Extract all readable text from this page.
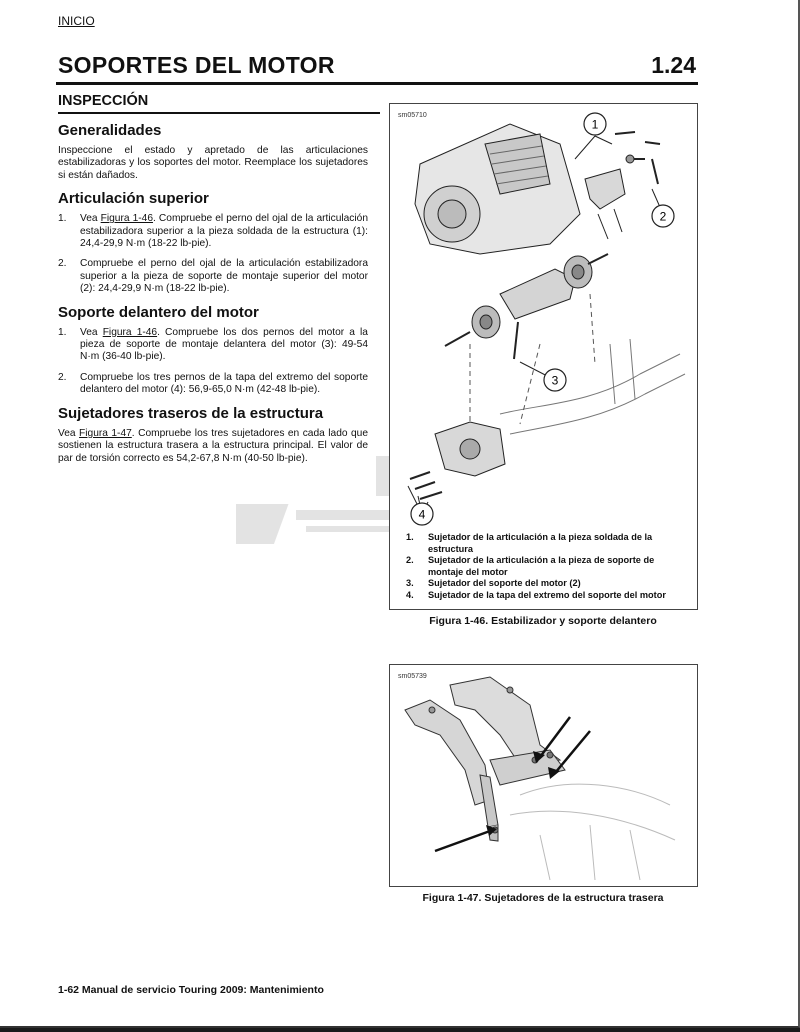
INICIO
SOPORTES DEL MOTOR	1.24
INSPECCIÓN
Generalidades

Inspeccione el estado y apretado de las articulaciones estabilizadoras y los soportes del motor. Reemplace los sujetadores si están dañados.

Articulación superior
1. Vea Figura 1-46. Compruebe el perno del ojal de la articulación estabilizadora superior a la pieza soldada de la estructura (1): 24,4-29,9 N·m (18-22 lb-pie).
2. Compruebe el perno del ojal de la articulación estabilizadora superior a la pieza de soporte de montaje superior del motor (2): 24,4-29,9 N·m (18-22 lb-pie).
Soporte delantero del motor
1. Vea Figura 1-46. Compruebe los dos pernos del motor a la pieza de soporte de montaje delantera del motor (3): 49-54 N·m (36-40 lb-pie).
2. Compruebe los tres pernos de la tapa del extremo del soporte delantero del motor (4): 56,9-65,0 N·m (42-48 lb-pie).
Sujetadores traseros de la estructura

Vea Figura 1-47. Compruebe los tres sujetadores en cada lado que sostienen la estructura trasera a la estructura principal. El valor de par de torsión correcto es 54,2-67,8 N·m (40-50 lb-pie).

sm05710
1
2
3
4
1. Sujetador de la articulación a la pieza soldada de la estructura
2. Sujetador de la articulación a la pieza de soporte de montaje del motor
3. Sujetador del soporte del motor (2)
4. Sujetador de la tapa del extremo del soporte del motor
Figura 1-46. Estabilizador y soporte delantero
sm05739
Figura 1-47. Sujetadores de la estructura trasera
1-62 Manual de servicio Touring 2009: Mantenimiento
